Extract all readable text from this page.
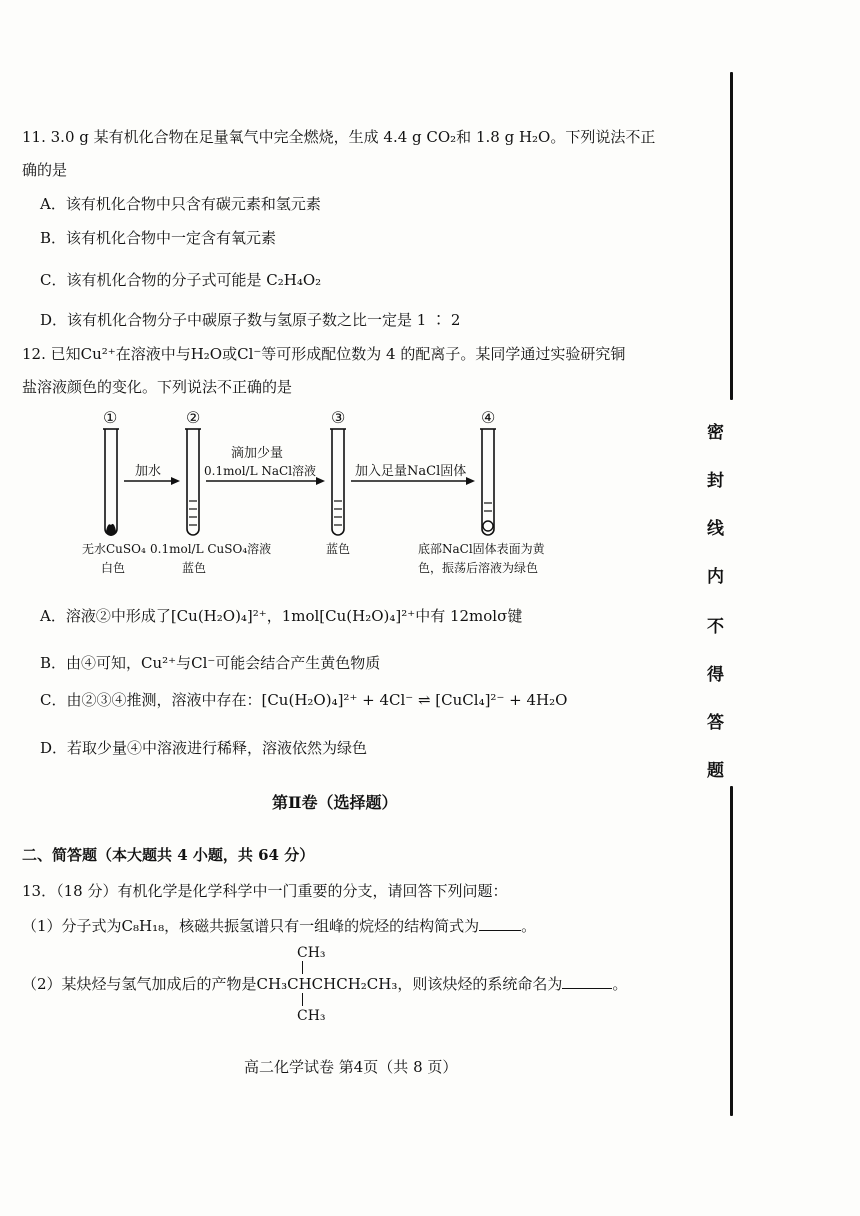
密
封
线
内
不
得
答
题
11. 3.0 g 某有机化合物在足量氧气中完全燃烧，生成 4.4 g CO₂和 1.8 g H₂O。下列说法不正
确的是
A．该有机化合物中只含有碳元素和氢元素
B．该有机化合物中一定含有氧元素
C．该有机化合物的分子式可能是 C₂H₄O₂
D．该有机化合物分子中碳原子数与氢原子数之比一定是 1 ∶ 2
12. 已知Cu²⁺在溶液中与H₂O或Cl⁻等可形成配位数为 4 的配离子。某同学通过实验研究铜
盐溶液颜色的变化。下列说法不正确的是
①	②	③	④
加水
滴加少量
0.1mol/L NaCl溶液	加入足量NaCl固体
无水CuSO₄
白色
0.1mol/L CuSO₄溶液
蓝色
蓝色	底部NaCl固体表面为黄
色，振荡后溶液为绿色
A．溶液②中形成了[Cu(H₂O)₄]²⁺，1mol[Cu(H₂O)₄]²⁺中有 12molσ键
B．由④可知，Cu²⁺与Cl⁻可能会结合产生黄色物质
C．由②③④推测，溶液中存在：[Cu(H₂O)₄]²⁺ + 4Cl⁻ ⇌ [CuCl₄]²⁻ + 4H₂O
D．若取少量④中溶液进行稀释，溶液依然为绿色
第Ⅱ卷（选择题）
二、简答题（本大题共 4 小题，共 64 分）
13．（18 分）有机化学是化学科学中一门重要的分支，请回答下列问题：
（1）分子式为C₈H₁₈，核磁共振氢谱只有一组峰的烷烃的结构简式为	。
CH₃
（2）某炔烃与氢气加成后的产物是CH₃CHCHCH₂CH₃，则该炔烃的系统命名为	。
CH₃
高二化学试卷 第4页（共 8 页）
